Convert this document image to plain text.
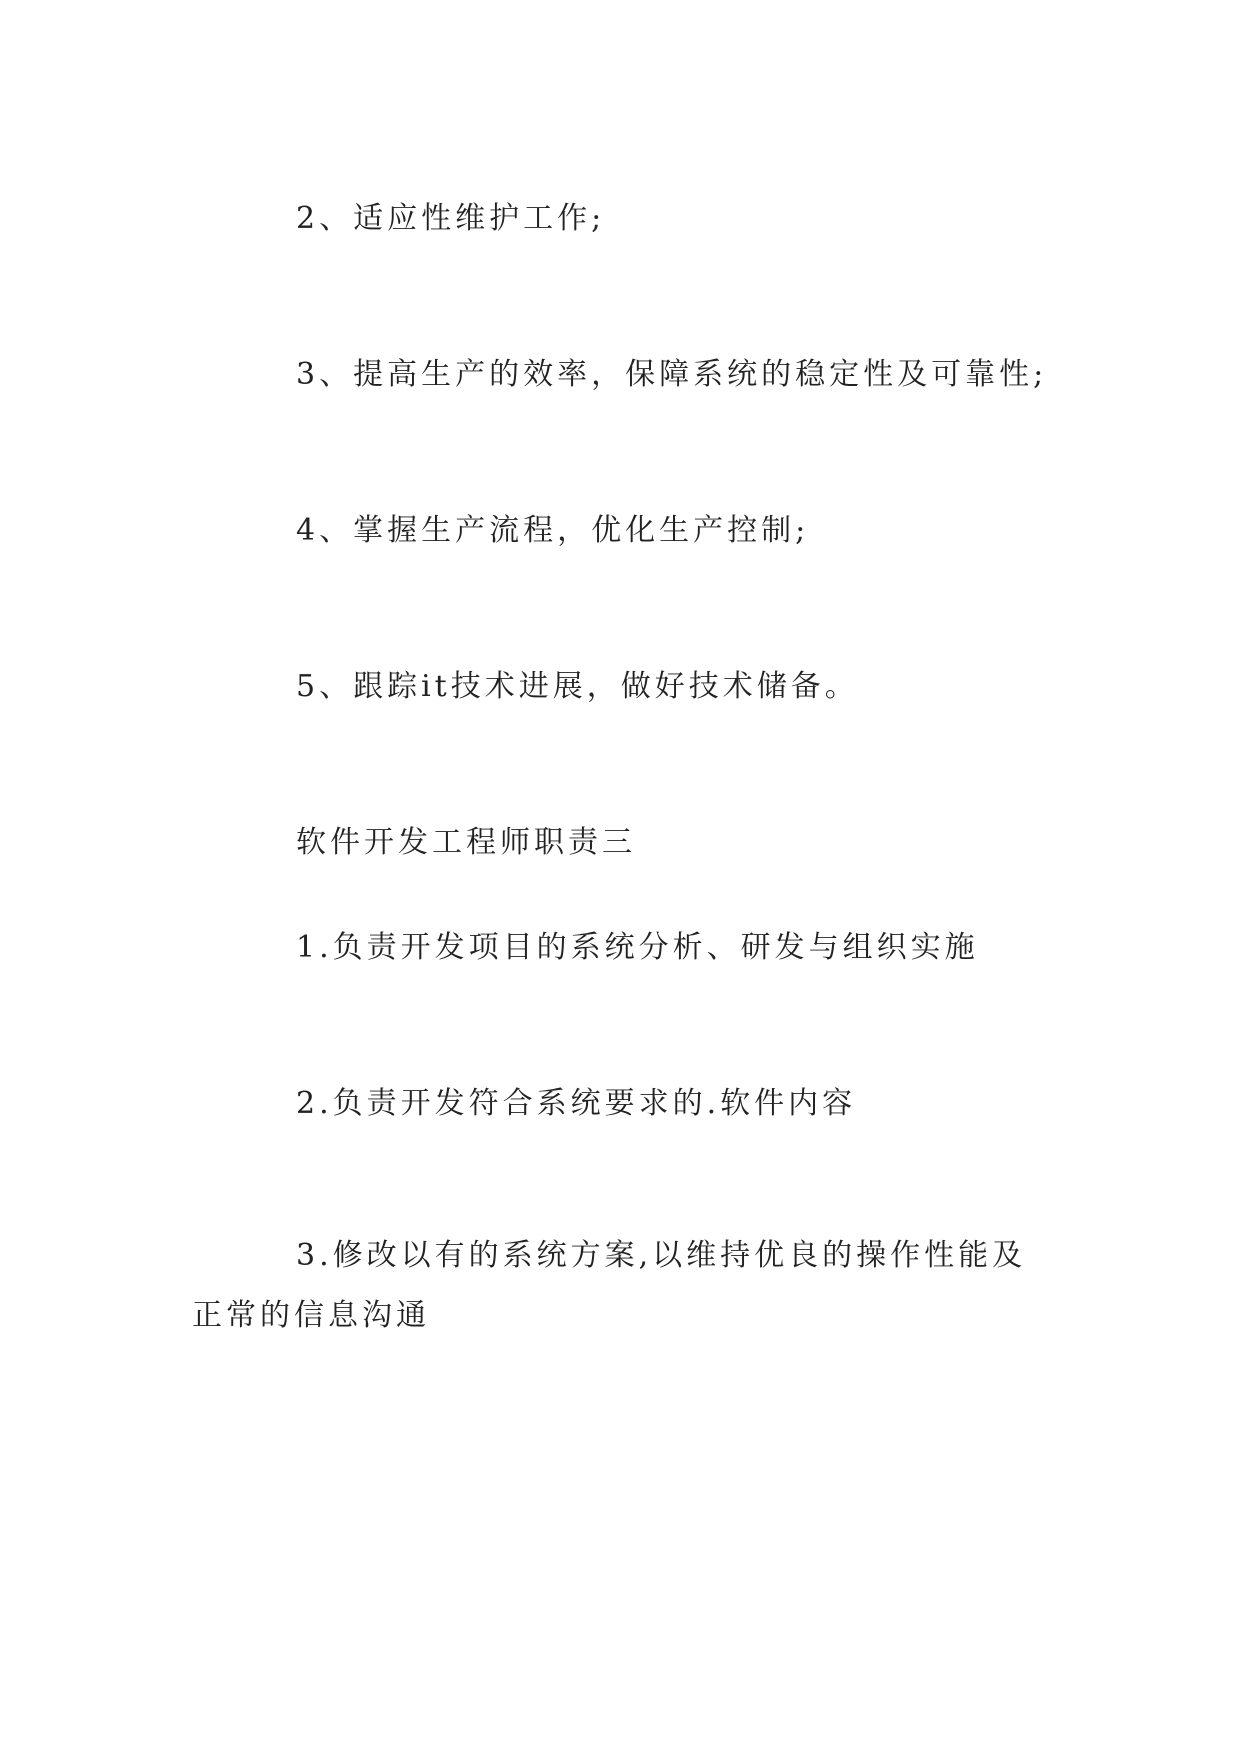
2、适应性维护工作;

3、提高生产的效率，保障系统的稳定性及可靠性;

4、掌握生产流程，优化生产控制;

5、跟踪it技术进展，做好技术储备。

软件开发工程师职责三

1.负责开发项目的系统分析、研发与组织实施

2.负责开发符合系统要求的.软件内容

3.修改以有的系统方案,以维持优良的操作性能及正常的信息沟通
